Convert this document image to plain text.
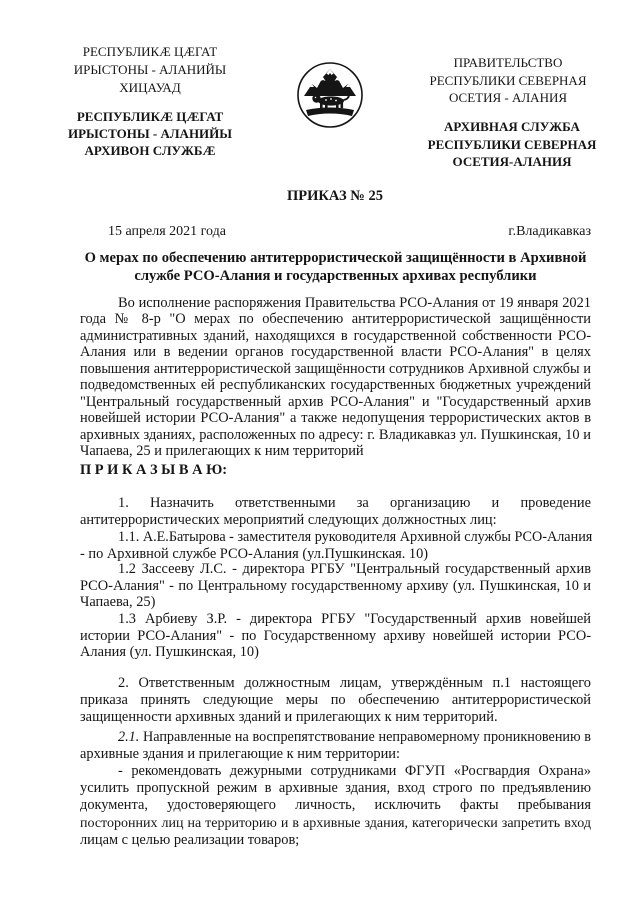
РЕСПУБЛИКÆ ЦÆГАТ
ИРЫСТОНЫ - АЛАНИЙЫ
ХИЦАУАД
РЕСПУБЛИКÆ ЦÆГАТ
ИРЫСТОНЫ - АЛАНИЙЫ
АРХИВОН СЛУЖБÆ
ПРАВИТЕЛЬСТВО
РЕСПУБЛИКИ СЕВЕРНАЯ
ОСЕТИЯ - АЛАНИЯ
АРХИВНАЯ СЛУЖБА
РЕСПУБЛИКИ СЕВЕРНАЯ
ОСЕТИЯ-АЛАНИЯ
ПРИКАЗ № 25
15 апреля 2021 года	г.Владикавказ
О мерах по обеспечению антитеррористической защищённости в Архивной
службе РСО-Алания и государственных архивах республики
Во исполнение распоряжения Правительства РСО-Алания от 19 января 2021
года № 8-р "О мерах по обеспечению антитеррористической защищённости
административных зданий, находящихся в государственной собственности РСО-
Алания или в ведении органов государственной власти РСО-Алания" в целях
повышения антитеррористической защищённости сотрудников Архивной службы и
подведомственных ей республиканских государственных бюджетных учреждений
"Центральный государственный архив РСО-Алания" и "Государственный архив
новейшей истории РСО-Алания" а также недопущения террористических актов в
архивных зданиях, расположенных по адресу: г. Владикавказ ул. Пушкинская, 10 и
Чапаева, 25 и прилегающих к ним территорий
П Р И К А З Ы В А Ю:
1. Назначить ответственными за организацию и проведение
антитеррористических мероприятий следующих должностных лиц:
1.1. А.Е.Батырова - заместителя руководителя Архивной службы РСО-Алания
- по Архивной службе РСО-Алания (ул.Пушкинская. 10)
1.2 Зассееву Л.С. - директора РГБУ "Центральный государственный архив
РСО-Алания" - по Центральному государственному архиву (ул. Пушкинская, 10 и
Чапаева, 25)
1.3 Арбиеву З.Р. - директора РГБУ "Государственный архив новейшей
истории РСО-Алания" - по Государственному архиву новейшей истории РСО-
Алания (ул. Пушкинская, 10)
2. Ответственным должностным лицам, утверждённым п.1 настоящего
приказа принять следующие меры по обеспечению антитеррористической
защищенности архивных зданий и прилегающих к ним территорий.
2.1. Направленные на воспрепятствование неправомерному проникновению в
архивные здания и прилегающие к ним территории:
- рекомендовать дежурными сотрудниками ФГУП «Росгвардия Охрана»
усилить пропускной режим в архивные здания, вход строго по предъявлению
документа, удостоверяющего личность, исключить факты пребывания
посторонних лиц на территорию и в архивные здания, категорически запретить вход
лицам с целью реализации товаров;
